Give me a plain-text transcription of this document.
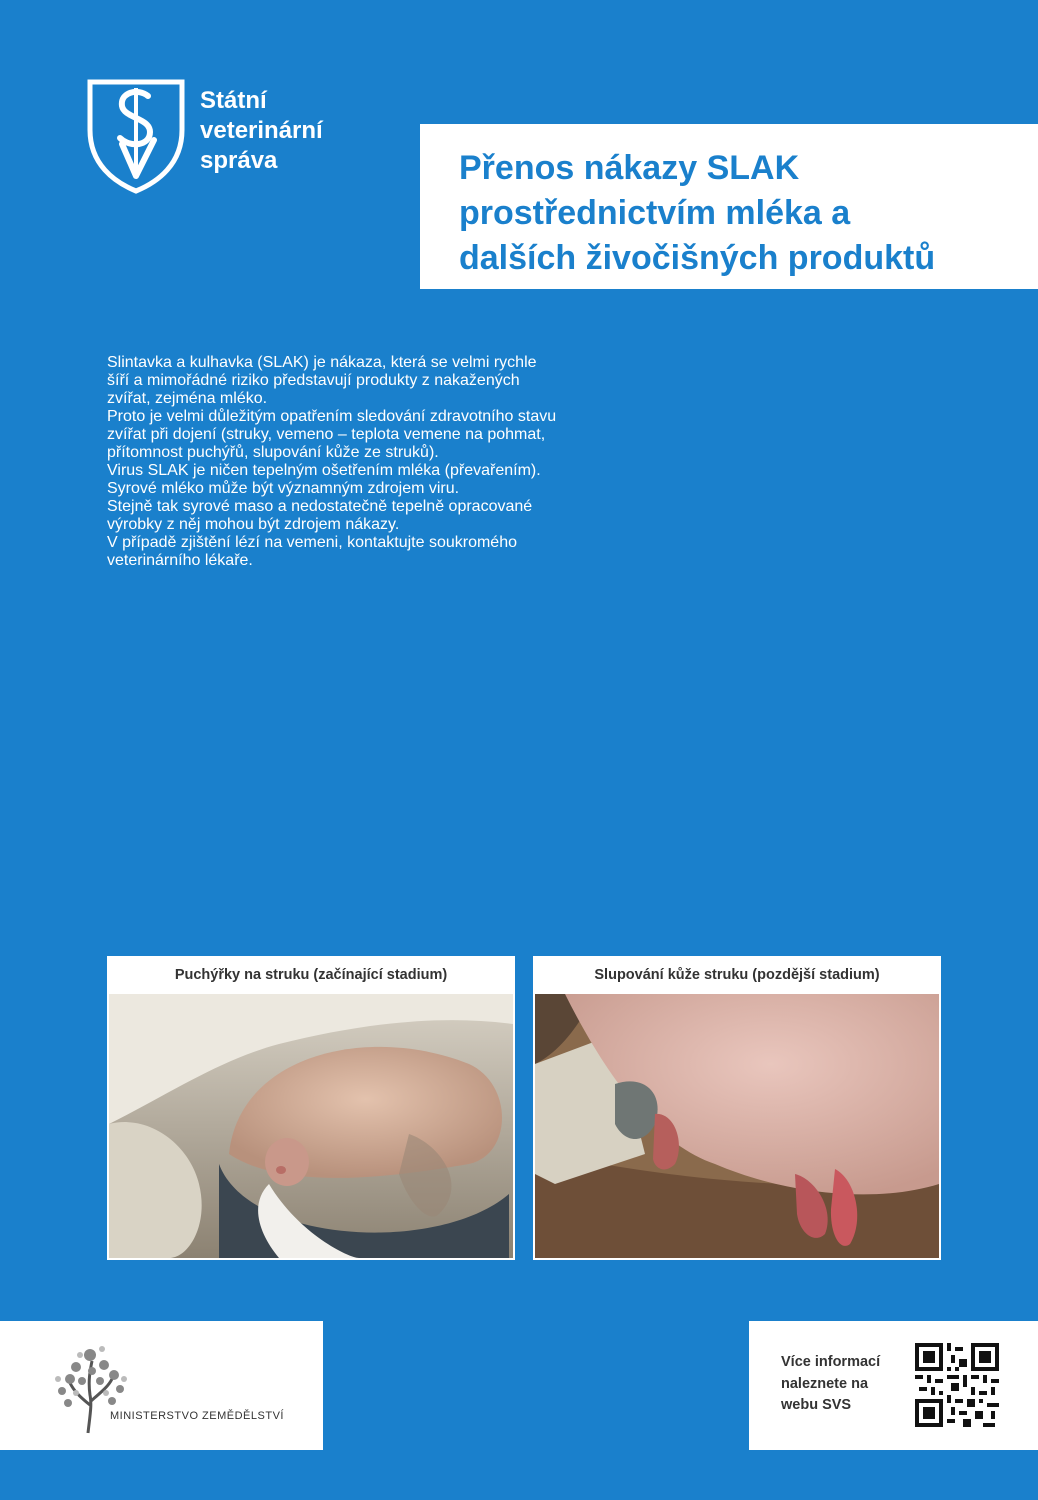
Státní
veterinární
správa	Přenos nákazy SLAK
prostřednictvím mléka a
dalších živočišných produktů

Slintavka a kulhavka (SLAK) je nákaza, která se velmi rychle
šíří a mimořádné riziko představují produkty z nakažených
zvířat, zejména mléko.

Proto je velmi důležitým opatřením sledování zdravotního stavu
zvířat při dojení (struky, vemeno – teplota vemene na pohmat,
přítomnost puchýřů, slupování kůže ze struků).

Virus SLAK je ničen tepelným ošetřením mléka (převařením).

Syrové mléko může být významným zdrojem viru.

Stejně tak syrové maso a nedostatečně tepelně opracované
výrobky z něj mohou být zdrojem nákazy.

V případě zjištění lézí na vemeni, kontaktujte soukromého
veterinárního lékaře.

Puchýřky na struku (začínající stadium)	Slupování kůže struku (pozdější stadium)
MINISTERSTVO ZEMĚDĚLSTVÍ
Více informací
naleznete na
webu SVS
